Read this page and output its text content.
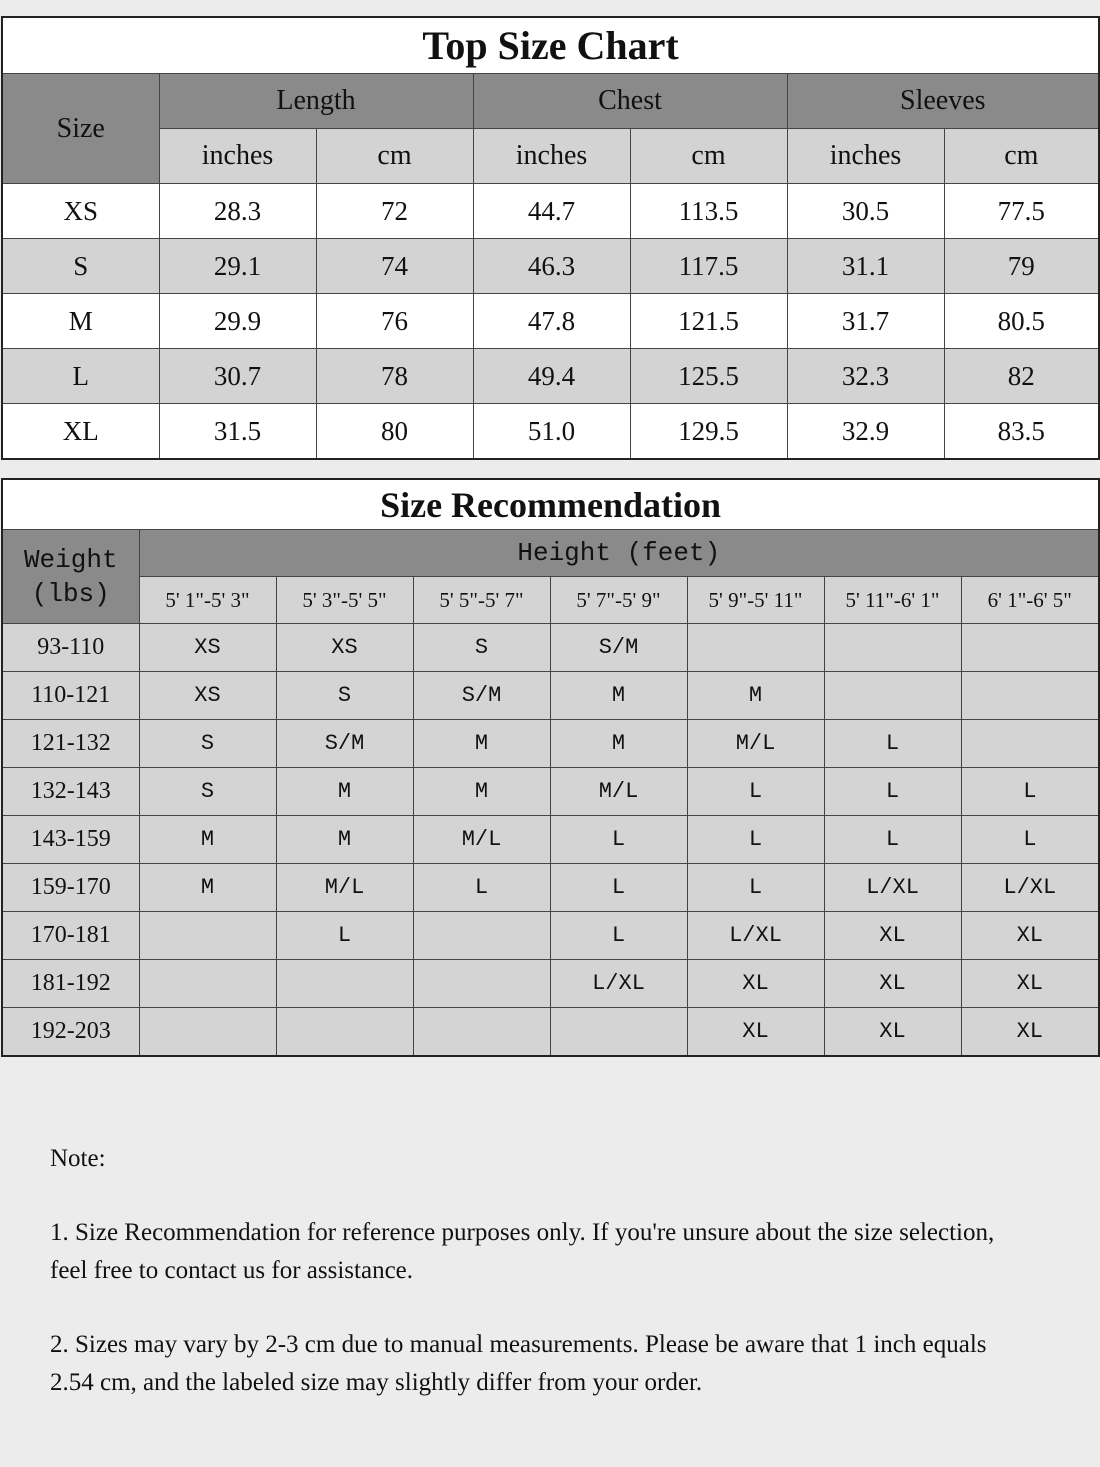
Top Size Chart						
Size	Length		Chest		Sleeves	
	inches	cm	inches	cm	inches	cm
XS	28.3	72	44.7	113.5	30.5	77.5
S	29.1	74	46.3	117.5	31.1	79
M	29.9	76	47.8	121.5	31.7	80.5
L	30.7	78	49.4	125.5	32.3	82
XL	31.5	80	51.0	129.5	32.9	83.5
Size Recommendation							

Weight
(lbs)	Height (feet)						
	5' 1"-5' 3"	5' 3"-5' 5"	5' 5"-5' 7"	5' 7"-5' 9"	5' 9"-5' 11"	5' 11"-6' 1"	6' 1"-6' 5"
93-110	XS	XS	S	S/M			
110-121	XS	S	S/M	M	M		
121-132	S	S/M	M	M	M/L	L	
132-143	S	M	M	M/L	L	L	L
143-159	M	M	M/L	L	L	L	L
159-170	M	M/L	L	L	L	L/XL	L/XL
170-181		L		L	L/XL	XL	XL
181-192				L/XL	XL	XL	XL
192-203					XL	XL	XL

Note:

1. Size Recommendation for reference purposes only. If you're unsure about the size selection, feel free to contact us for assistance.

2. Sizes may vary by 2-3 cm due to manual measurements. Please be aware that 1 inch equals 2.54 cm, and the labeled size may slightly differ from your order.
